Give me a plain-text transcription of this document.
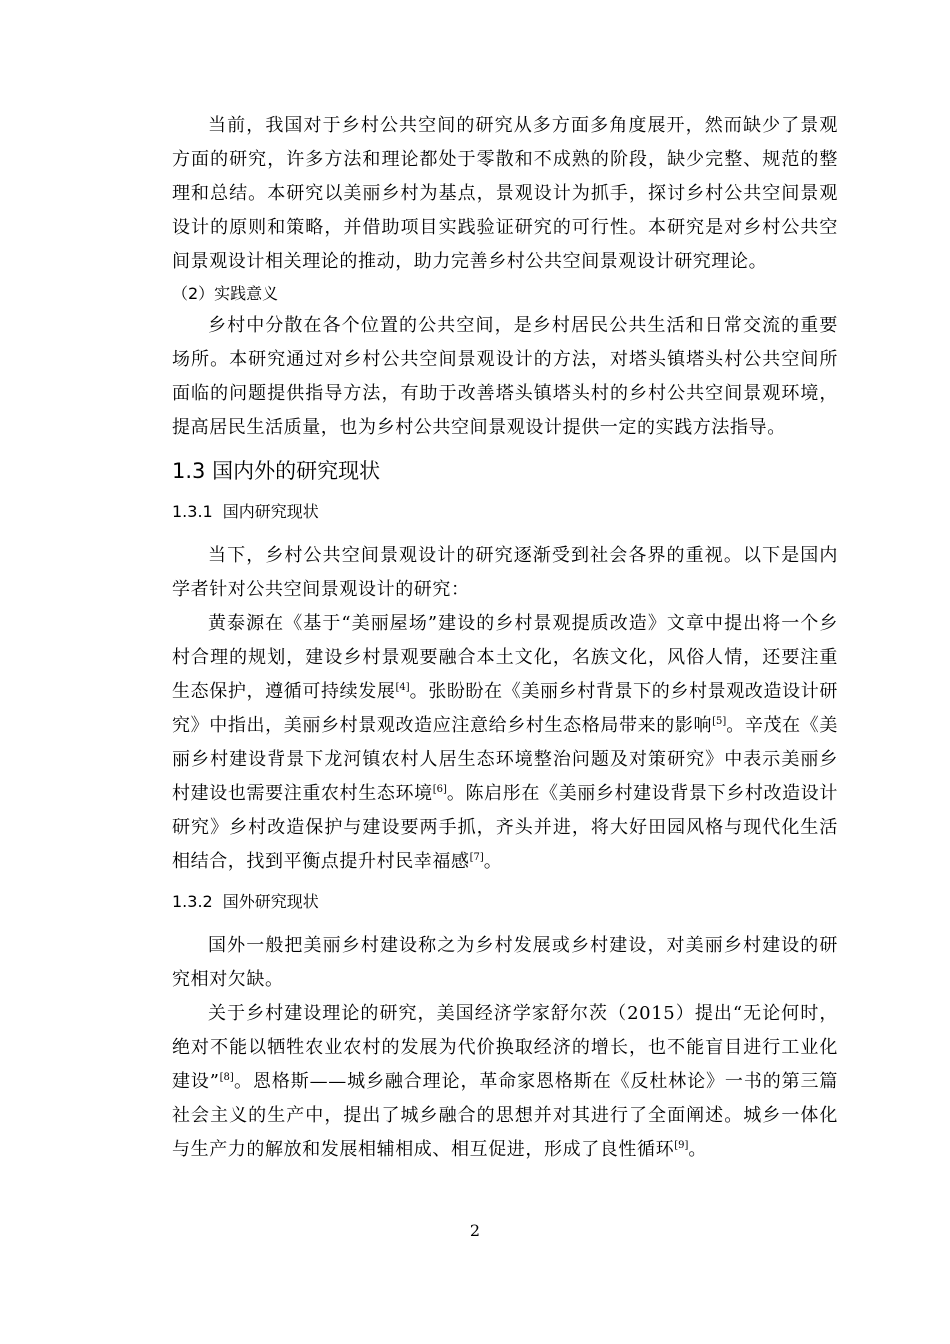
当前，我国对于乡村公共空间的研究从多方面多角度展开，然而缺少了景观方面的研究，许多方法和理论都处于零散和不成熟的阶段，缺少完整、规范的整理和总结。本研究以美丽乡村为基点，景观设计为抓手，探讨乡村公共空间景观设计的原则和策略，并借助项目实践验证研究的可行性。本研究是对乡村公共空间景观设计相关理论的推动，助力完善乡村公共空间景观设计研究理论。

（2）实践意义

乡村中分散在各个位置的公共空间，是乡村居民公共生活和日常交流的重要场所。本研究通过对乡村公共空间景观设计的方法，对塔头镇塔头村公共空间所面临的问题提供指导方法，有助于改善塔头镇塔头村的乡村公共空间景观环境，提高居民生活质量，也为乡村公共空间景观设计提供一定的实践方法指导。

1.3 国内外的研究现状
1.3.1 国内研究现状

当下，乡村公共空间景观设计的研究逐渐受到社会各界的重视。以下是国内学者针对公共空间景观设计的研究：

黄泰源在《基于“美丽屋场”建设的乡村景观提质改造》文章中提出将一个乡村合理的规划，建设乡村景观要融合本土文化，名族文化，风俗人情，还要注重生态保护，遵循可持续发展[4]。张盼盼在《美丽乡村背景下的乡村景观改造设计研究》中指出，美丽乡村景观改造应注意给乡村生态格局带来的影响[5]。辛茂在《美丽乡村建设背景下龙河镇农村人居生态环境整治问题及对策研究》中表示美丽乡村建设也需要注重农村生态环境[6]。陈启彤在《美丽乡村建设背景下乡村改造设计研究》乡村改造保护与建设要两手抓，齐头并进，将大好田园风格与现代化生活相结合，找到平衡点提升村民幸福感[7]。

1.3.2 国外研究现状

国外一般把美丽乡村建设称之为乡村发展或乡村建设，对美丽乡村建设的研究相对欠缺。

关于乡村建设理论的研究，美国经济学家舒尔茨（2015）提出“无论何时，绝对不能以牺牲农业农村的发展为代价换取经济的增长，也不能盲目进行工业化建设”[8]。恩格斯——城乡融合理论，革命家恩格斯在《反杜林论》一书的第三篇社会主义的生产中，提出了城乡融合的思想并对其进行了全面阐述。城乡一体化与生产力的解放和发展相辅相成、相互促进，形成了良性循环[9]。

2
